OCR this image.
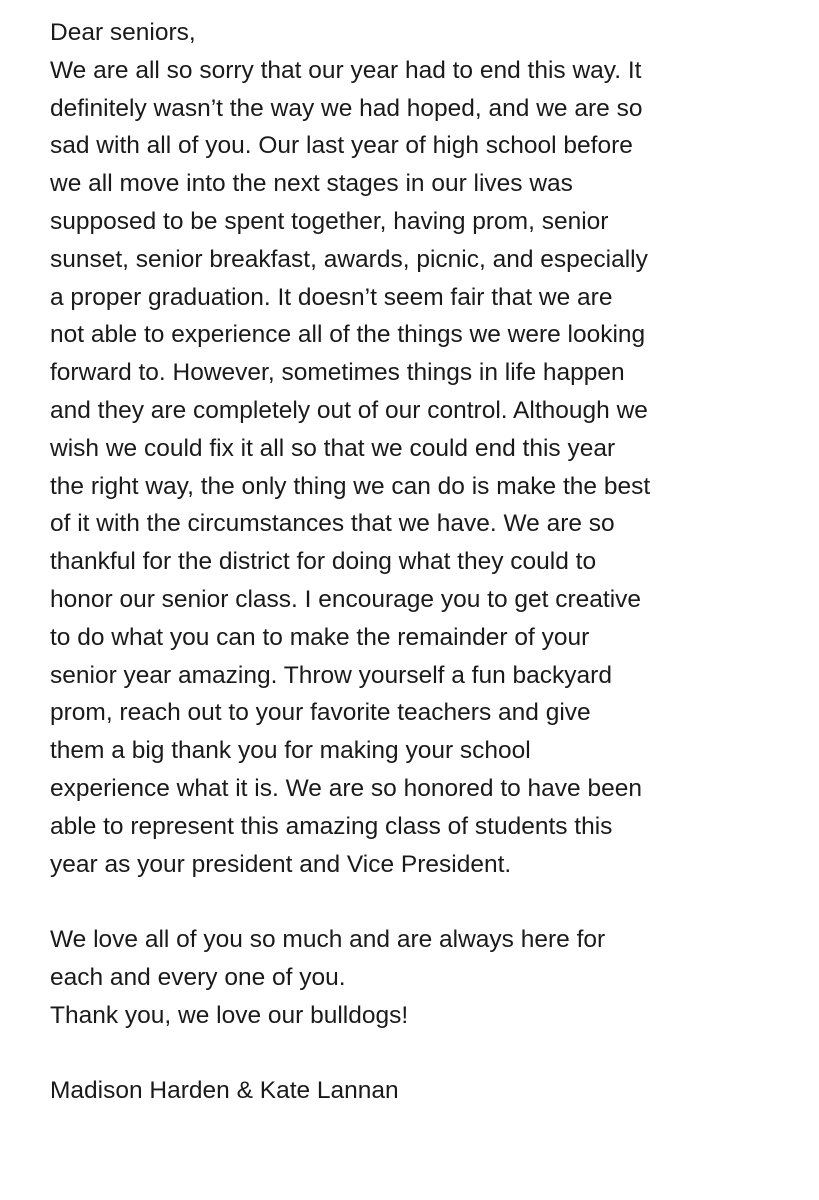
Dear seniors,
We are all so sorry that our year had to end this way. It
definitely wasn’t the way we had hoped, and we are so
sad with all of you. Our last year of high school before
we all move into the next stages in our lives was
supposed to be spent together, having prom, senior
sunset, senior breakfast, awards, picnic, and especially
a proper graduation. It doesn’t seem fair that we are
not able to experience all of the things we were looking
forward to. However, sometimes things in life happen
and they are completely out of our control. Although we
wish we could fix it all so that we could end this year
the right way, the only thing we can do is make the best
of it with the circumstances that we have. We are so
thankful for the district for doing what they could to
honor our senior class. I encourage you to get creative
to do what you can to make the remainder of your
senior year amazing. Throw yourself a fun backyard
prom, reach out to your favorite teachers and give
them a big thank you for making your school
experience what it is. We are so honored to have been
able to represent this amazing class of students this
year as your president and Vice President.
We love all of you so much and are always here for
each and every one of you.
Thank you, we love our bulldogs!
Madison Harden & Kate Lannan
